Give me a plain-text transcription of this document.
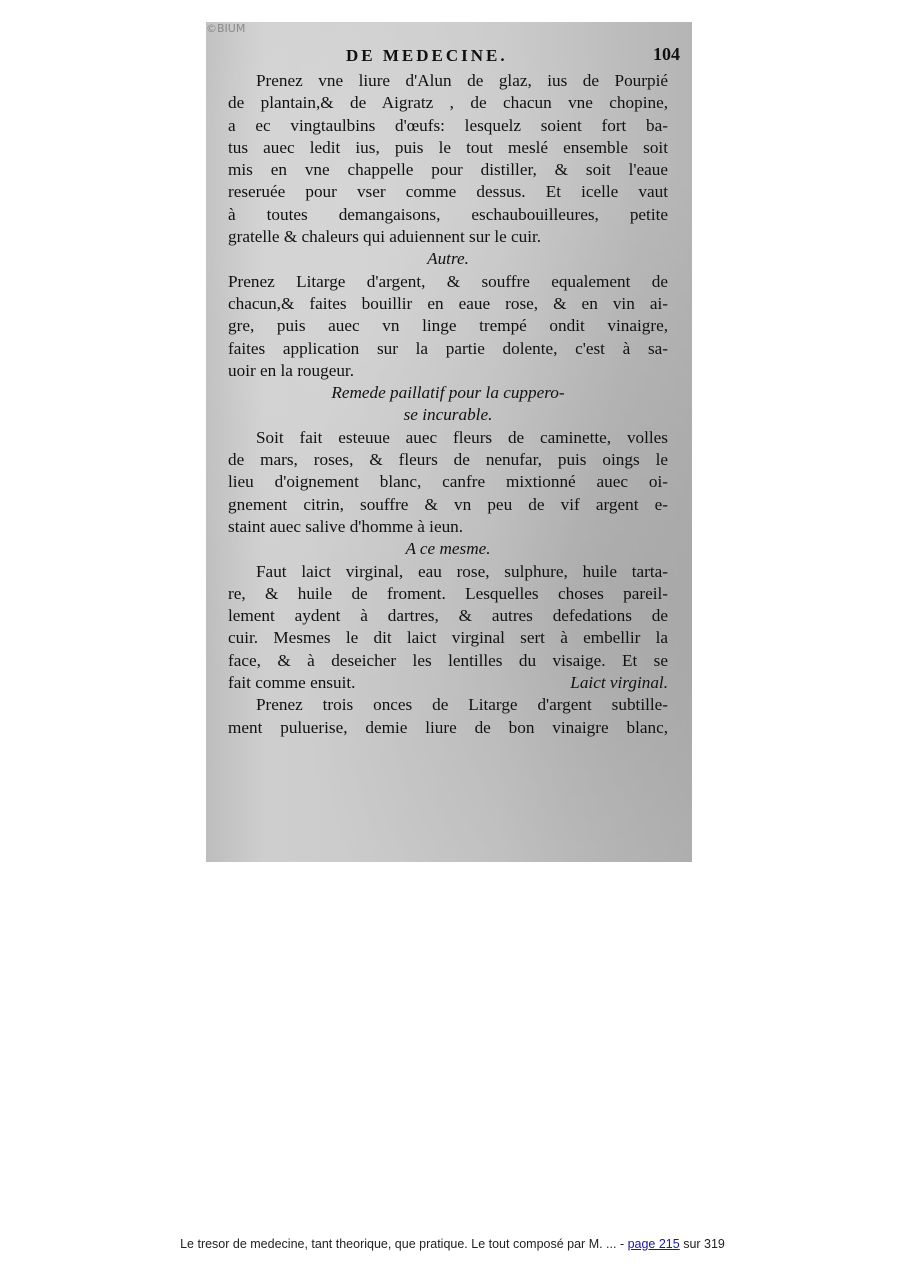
©BIUM
DE MEDECINE.	104
Prenez vne liure d'Alun de glaz, ius de Pourpié
de plantain,& de Aigratz , de chacun vne chopine,
a ec vingtaulbins d'œufs: lesquelz soient fort ba-
tus auec ledit ius, puis le tout meslé ensemble soit
mis en vne chappelle pour distiller, & soit l'eaue
reseruée pour vser comme dessus. Et icelle vaut
à toutes demangaisons, eschaubouilleures, petite
gratelle & chaleurs qui aduiennent sur le cuir.
Autre.
Prenez Litarge d'argent, & souffre equalement de
chacun,& faites bouillir en eaue rose, & en vin ai-
gre, puis auec vn linge trempé ondit vinaigre,
faites application sur la partie dolente, c'est à sa-
uoir en la rougeur.
Remede paillatif pour la cuppero-
se incurable.
Soit fait esteuue auec fleurs de caminette, volles
de mars, roses, & fleurs de nenufar, puis oings le
lieu d'oignement blanc, canfre mixtionné auec oi-
gnement citrin, souffre & vn peu de vif argent e-
staint auec salive d'homme à ieun.
A ce mesme.
Faut laict virginal, eau rose, sulphure, huile tarta-
re, & huile de froment. Lesquelles choses pareil-
lement aydent à dartres, & autres defedations de
cuir. Mesmes le dit laict virginal sert à embellir la
face, & à deseicher les lentilles du visaige. Et se
fait comme ensuit.	Laict virginal.
Prenez trois onces de Litarge d'argent subtille-
ment puluerise, demie liure de bon vinaigre blanc,
Le tresor de medecine, tant theorique, que pratique. Le tout composé par M. ... - page 215 sur 319
